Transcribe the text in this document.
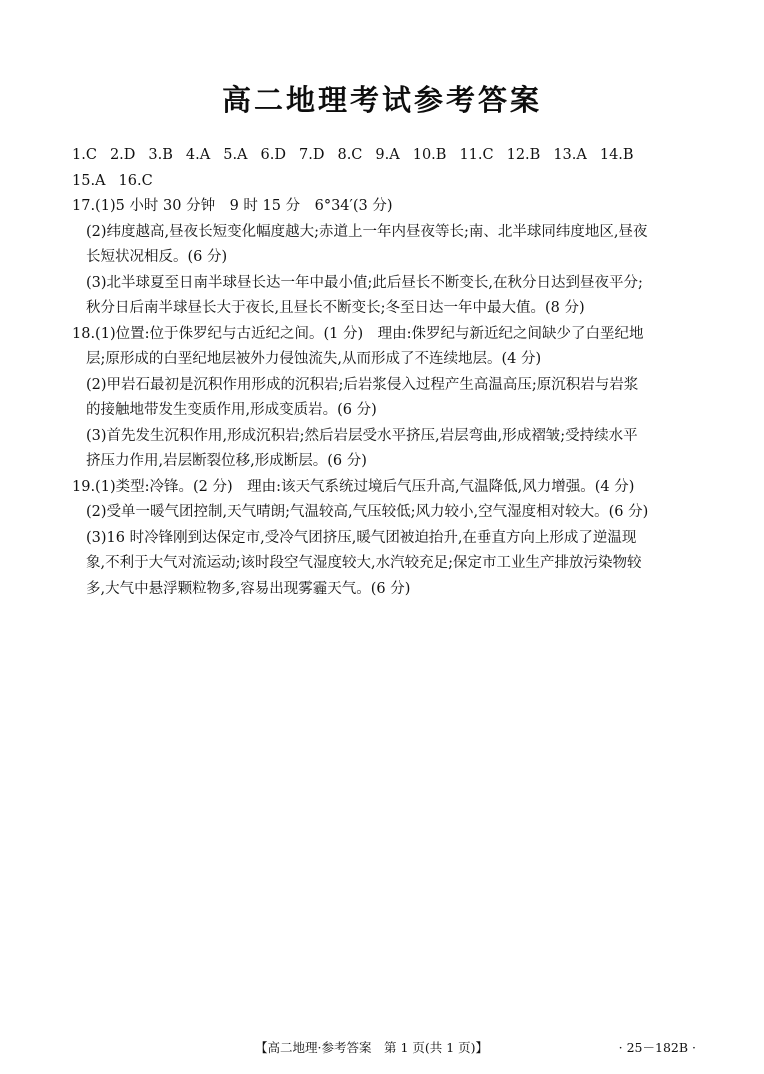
高二地理考试参考答案
1.C 2.D 3.B 4.A 5.A 6.D 7.D 8.C 9.A 10.B 11.C 12.B 13.A 14.B
15.A 16.C
17.(1)5 小时 30 分钟　9 时 15 分　6°34′(3 分)
(2)纬度越高,昼夜长短变化幅度越大;赤道上一年内昼夜等长;南、北半球同纬度地区,昼夜
长短状况相反。(6 分)
(3)北半球夏至日南半球昼长达一年中最小值;此后昼长不断变长,在秋分日达到昼夜平分;
秋分日后南半球昼长大于夜长,且昼长不断变长;冬至日达一年中最大值。(8 分)
18.(1)位置:位于侏罗纪与古近纪之间。(1 分)　理由:侏罗纪与新近纪之间缺少了白垩纪地
层;原形成的白垩纪地层被外力侵蚀流失,从而形成了不连续地层。(4 分)
(2)甲岩石最初是沉积作用形成的沉积岩;后岩浆侵入过程产生高温高压;原沉积岩与岩浆
的接触地带发生变质作用,形成变质岩。(6 分)
(3)首先发生沉积作用,形成沉积岩;然后岩层受水平挤压,岩层弯曲,形成褶皱;受持续水平
挤压力作用,岩层断裂位移,形成断层。(6 分)
19.(1)类型:冷锋。(2 分)　理由:该天气系统过境后气压升高,气温降低,风力增强。(4 分)
(2)受单一暖气团控制,天气晴朗;气温较高,气压较低;风力较小,空气湿度相对较大。(6 分)
(3)16 时冷锋刚到达保定市,受冷气团挤压,暖气团被迫抬升,在垂直方向上形成了逆温现
象,不利于大气对流运动;该时段空气湿度较大,水汽较充足;保定市工业生产排放污染物较
多,大气中悬浮颗粒物多,容易出现雾霾天气。(6 分)
【高二地理·参考答案　第 1 页(共 1 页)】	· 25－182B ·
